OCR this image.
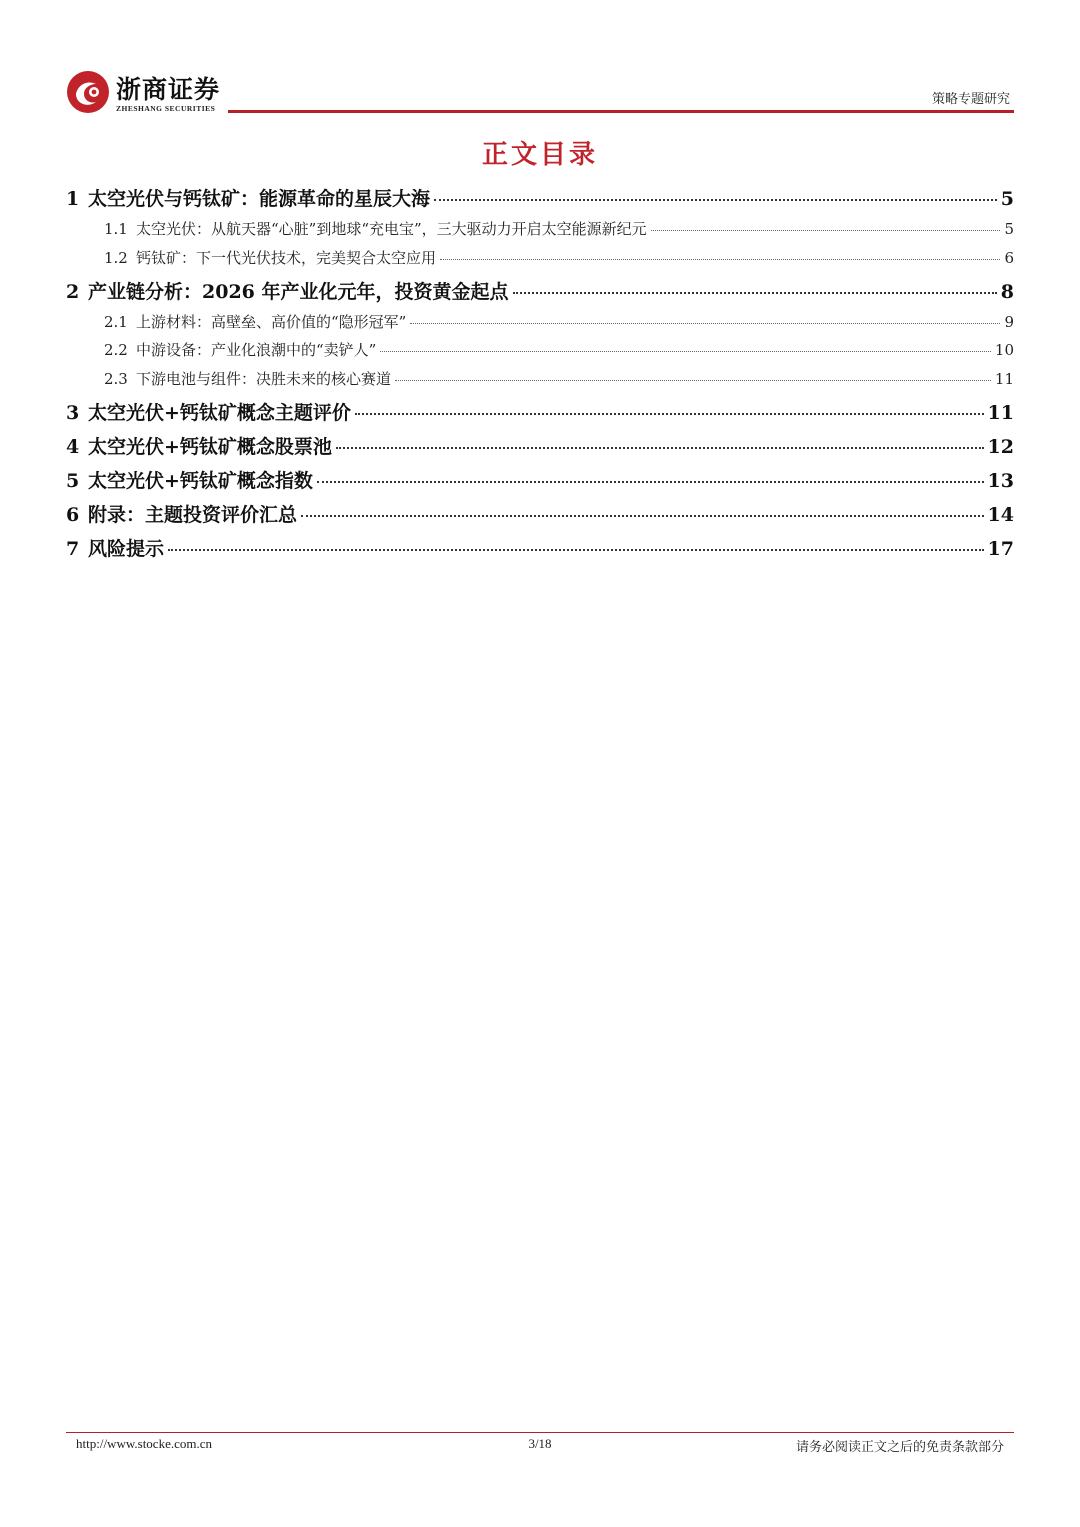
浙商证券
ZHESHANG SECURITIES
策略专题研究
正文目录
1 太空光伏与钙钛矿：能源革命的星辰大海	5
1.1 太空光伏：从航天器“心脏”到地球“充电宝”，三大驱动力开启太空能源新纪元	5
1.2 钙钛矿：下一代光伏技术，完美契合太空应用	6
2 产业链分析：2026 年产业化元年，投资黄金起点	8
2.1 上游材料：高壁垒、高价值的“隐形冠军”	9
2.2 中游设备：产业化浪潮中的“卖铲人”	10
2.3 下游电池与组件：决胜未来的核心赛道	11
3 太空光伏+钙钛矿概念主题评价	11
4 太空光伏+钙钛矿概念股票池	12
5 太空光伏+钙钛矿概念指数	13
6 附录：主题投资评价汇总	14
7 风险提示	17
http://www.stocke.com.cn	3/18	请务必阅读正文之后的免责条款部分
